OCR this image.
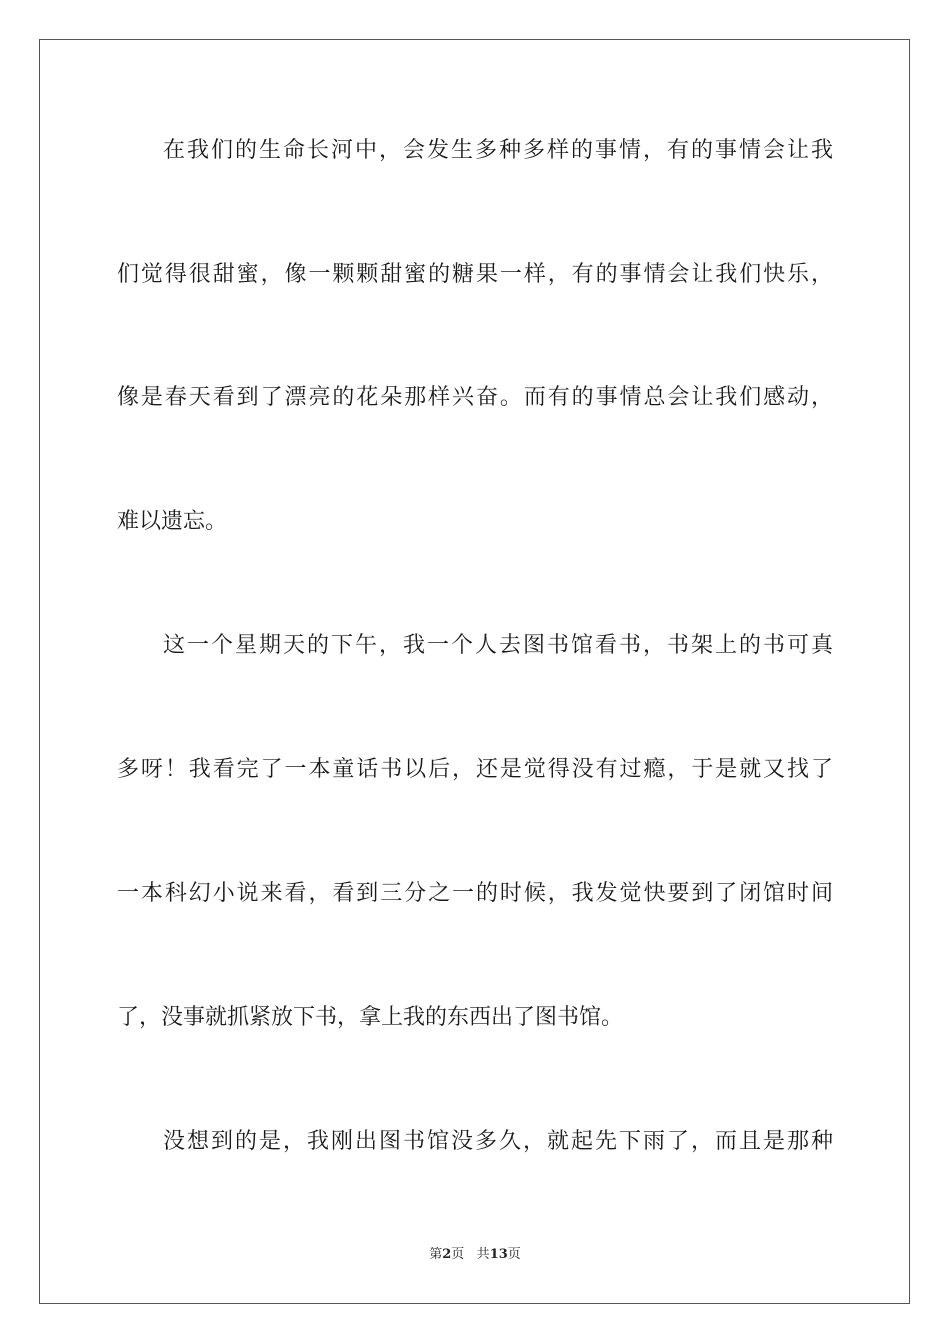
在我们的生命长河中，会发生多种多样的事情，有的事情会让我
们觉得很甜蜜，像一颗颗甜蜜的糖果一样，有的事情会让我们快乐，
像是春天看到了漂亮的花朵那样兴奋。而有的事情总会让我们感动，
难以遗忘。
这一个星期天的下午，我一个人去图书馆看书，书架上的书可真
多呀！我看完了一本童话书以后，还是觉得没有过瘾，于是就又找了
一本科幻小说来看，看到三分之一的时候，我发觉快要到了闭馆时间
了，没事就抓紧放下书，拿上我的东西出了图书馆。
没想到的是，我刚出图书馆没多久，就起先下雨了，而且是那种
第2页 共13页
